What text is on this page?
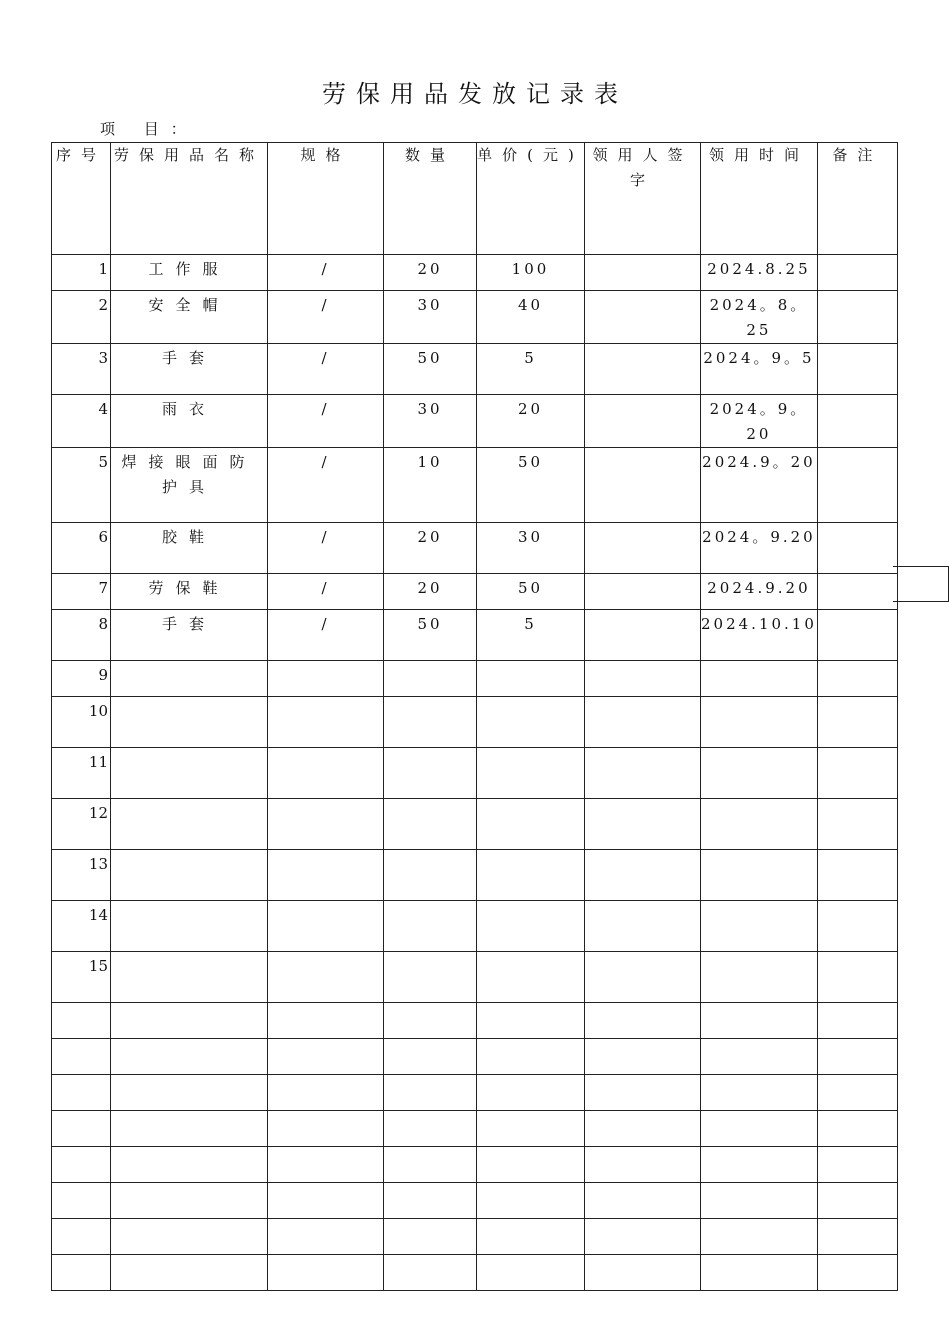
劳保用品发放记录表
项 目：
序号	劳保用品名称	规格	数量	单价(元)	领用人签字	领用时间	备注
1	工作服	/	20	100		2024.8.25	
2	安全帽	/	30	40		2024。8。25	
3	手套	/	50	5		2024。9。5	
4	雨衣	/	30	20		2024。9。20	
5	焊接眼面防护具	/	10	50		2024.9。20	
6	胶鞋	/	20	30		2024。9.20	
7	劳保鞋	/	20	50		2024.9.20	
8	手套	/	50	5		2024.10.10	
9							
10							
11							
12							
13							
14							
15							
